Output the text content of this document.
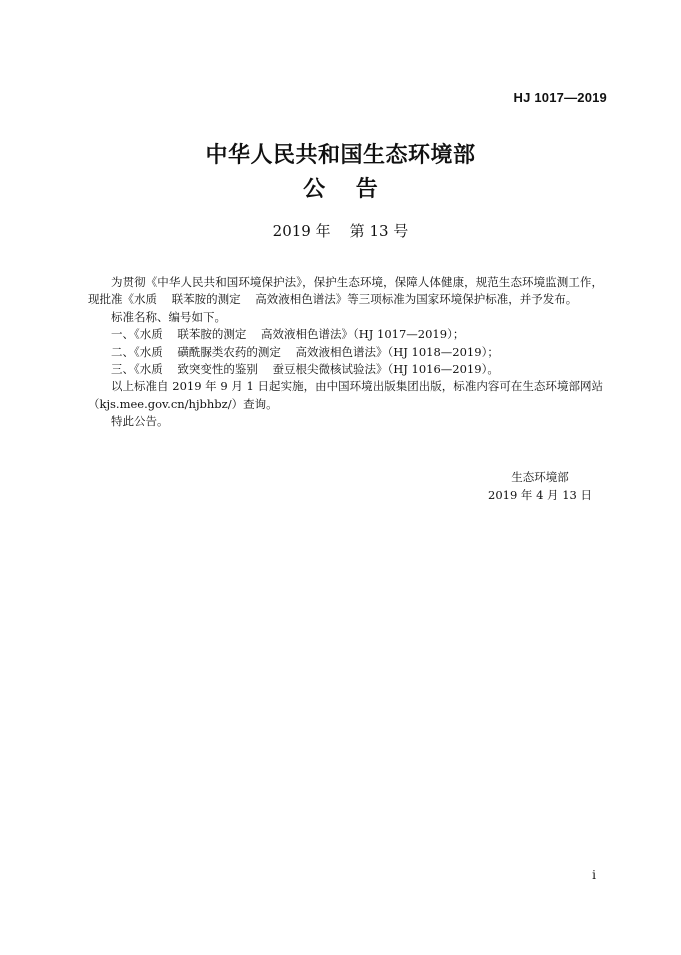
HJ 1017—2019
中华人民共和国生态环境部
公    告
2019 年    第 13 号

为贯彻《中华人民共和国环境保护法》，保护生态环境，保障人体健康，规范生态环境监测工作，现批准《水质    联苯胺的测定    高效液相色谱法》等三项标准为国家环境保护标准，并予发布。

标准名称、编号如下。

一、《水质    联苯胺的测定    高效液相色谱法》（HJ 1017—2019）；

二、《水质    磺酰脲类农药的测定    高效液相色谱法》（HJ 1018—2019）；

三、《水质    致突变性的鉴别    蚕豆根尖微核试验法》（HJ 1016—2019）。

以上标准自 2019 年 9 月 1 日起实施，由中国环境出版集团出版，标准内容可在生态环境部网站（kjs.mee.gov.cn/hjbhbz/）查询。

特此公告。

生态环境部
2019 年 4 月 13 日
i
